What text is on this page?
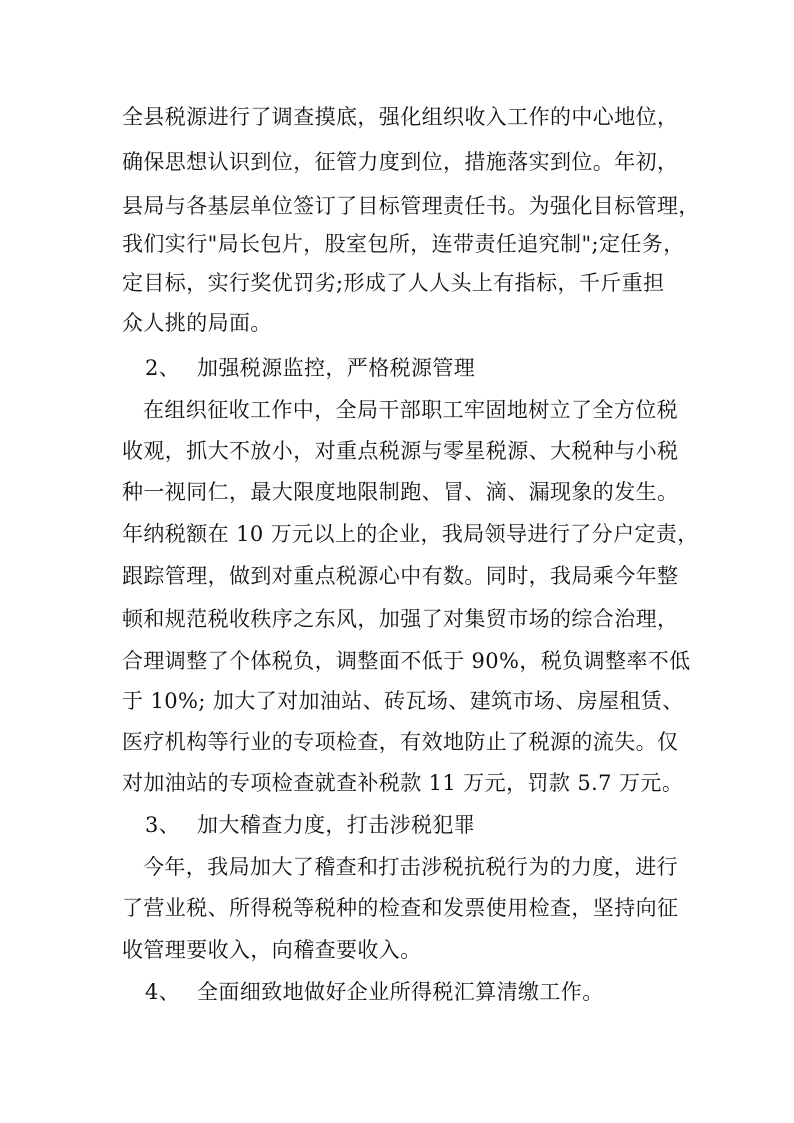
全县税源进行了调查摸底，强化组织收入工作的中心地位，
确保思想认识到位，征管力度到位，措施落实到位。年初，
县局与各基层单位签订了目标管理责任书。为强化目标管理，
我们实行"局长包片，股室包所，连带责任追究制";定任务，
定目标，实行奖优罚劣;形成了人人头上有指标，千斤重担
众人挑的局面。
2、 加强税源监控，严格税源管理
在组织征收工作中，全局干部职工牢固地树立了全方位税
收观，抓大不放小，对重点税源与零星税源、大税种与小税
种一视同仁，最大限度地限制跑、冒、滴、漏现象的发生。
年纳税额在 10 万元以上的企业，我局领导进行了分户定责，
跟踪管理，做到对重点税源心中有数。同时，我局乘今年整
顿和规范税收秩序之东风，加强了对集贸市场的综合治理，
合理调整了个体税负，调整面不低于 90%，税负调整率不低
于 10%; 加大了对加油站、砖瓦场、建筑市场、房屋租赁、
医疗机构等行业的专项检查，有效地防止了税源的流失。仅
对加油站的专项检查就查补税款 11 万元，罚款 5.7 万元。
3、 加大稽查力度，打击涉税犯罪
今年，我局加大了稽查和打击涉税抗税行为的力度，进行
了营业税、所得税等税种的检查和发票使用检查，坚持向征
收管理要收入，向稽查要收入。
4、 全面细致地做好企业所得税汇算清缴工作。
